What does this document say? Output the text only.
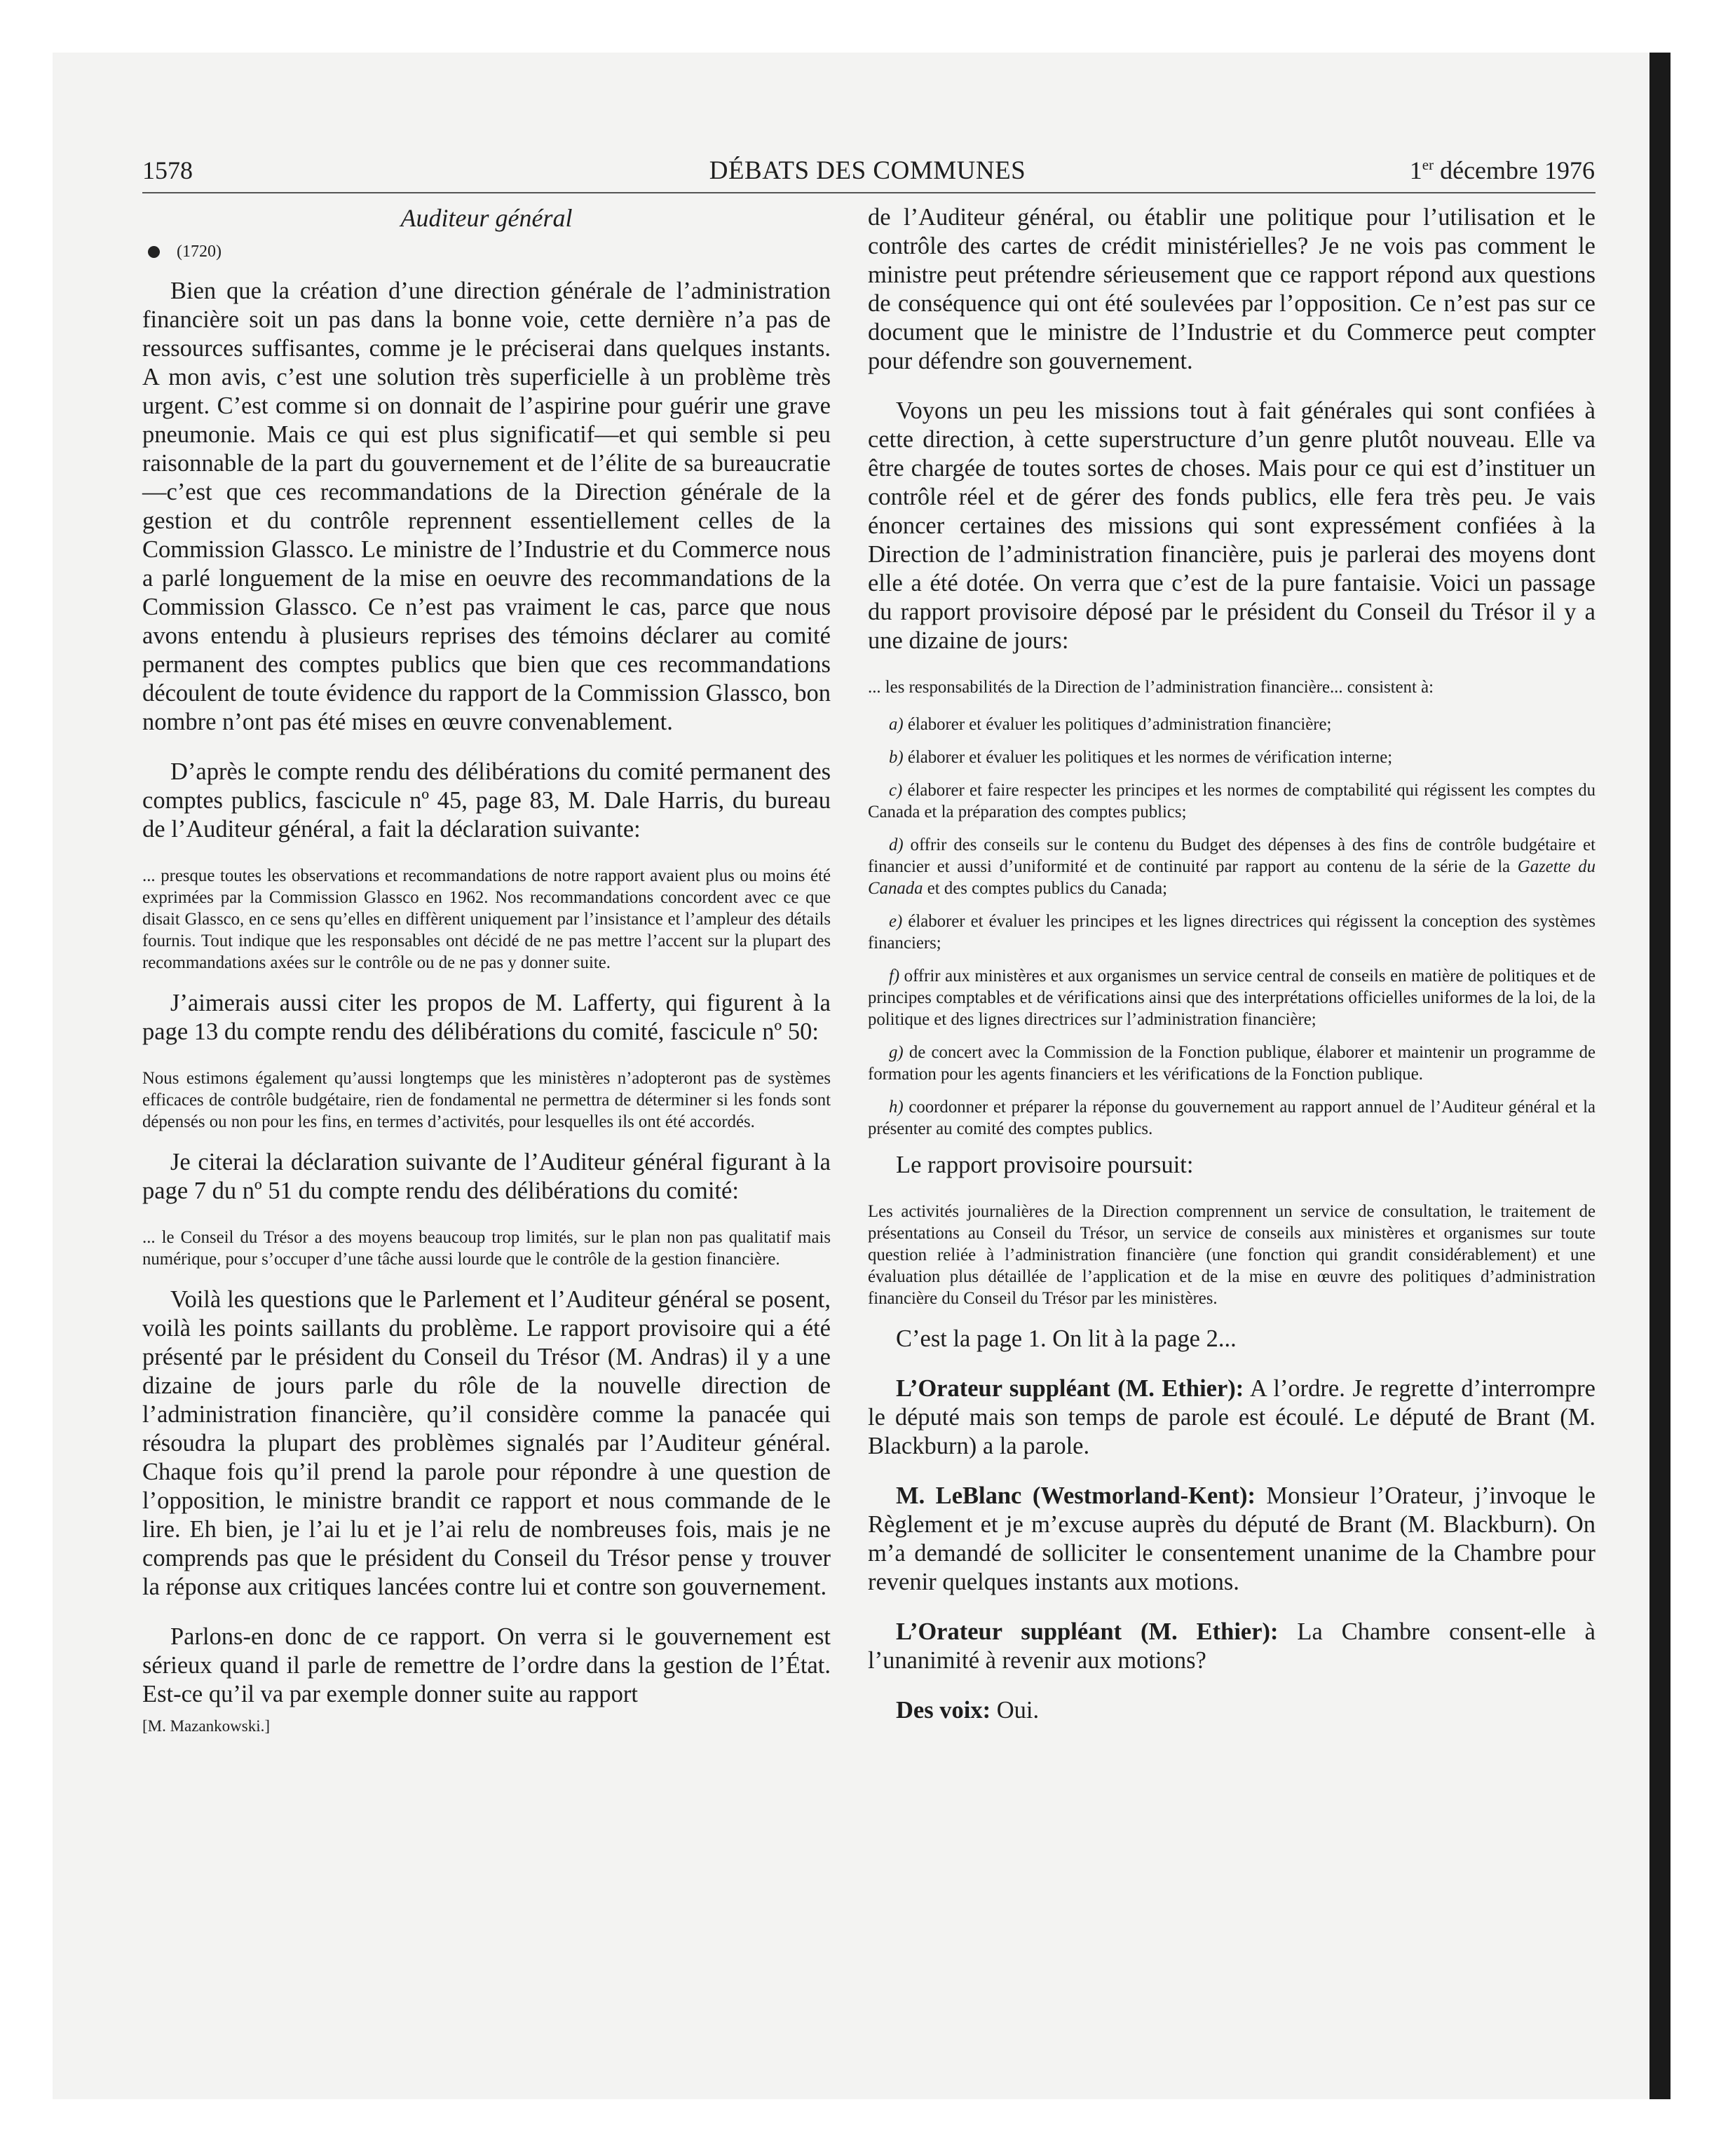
1578	DÉBATS DES COMMUNES	1er décembre 1976
Auditeur général
(1720)

Bien que la création d’une direction générale de l’administration financière soit un pas dans la bonne voie, cette dernière n’a pas de ressources suffisantes, comme je le préciserai dans quelques instants. A mon avis, c’est une solution très superficielle à un problème très urgent. C’est comme si on donnait de l’aspirine pour guérir une grave pneumonie. Mais ce qui est plus significatif—et qui semble si peu raisonnable de la part du gouvernement et de l’élite de sa bureaucratie—c’est que ces recommandations de la Direction générale de la gestion et du contrôle reprennent essentiellement celles de la Commission Glassco. Le ministre de l’Industrie et du Commerce nous a parlé longuement de la mise en oeuvre des recommandations de la Commission Glassco. Ce n’est pas vraiment le cas, parce que nous avons entendu à plusieurs reprises des témoins déclarer au comité permanent des comptes publics que bien que ces recommandations découlent de toute évidence du rapport de la Commission Glassco, bon nombre n’ont pas été mises en œuvre convenablement.

D’après le compte rendu des délibérations du comité permanent des comptes publics, fascicule nº 45, page 83, M. Dale Harris, du bureau de l’Auditeur général, a fait la déclaration suivante:

... presque toutes les observations et recommandations de notre rapport avaient plus ou moins été exprimées par la Commission Glassco en 1962. Nos recommandations concordent avec ce que disait Glassco, en ce sens qu’elles en diffèrent uniquement par l’insistance et l’ampleur des détails fournis. Tout indique que les responsables ont décidé de ne pas mettre l’accent sur la plupart des recommandations axées sur le contrôle ou de ne pas y donner suite.

J’aimerais aussi citer les propos de M. Lafferty, qui figurent à la page 13 du compte rendu des délibérations du comité, fascicule nº 50:

Nous estimons également qu’aussi longtemps que les ministères n’adopteront pas de systèmes efficaces de contrôle budgétaire, rien de fondamental ne permettra de déterminer si les fonds sont dépensés ou non pour les fins, en termes d’activités, pour lesquelles ils ont été accordés.

Je citerai la déclaration suivante de l’Auditeur général figurant à la page 7 du nº 51 du compte rendu des délibérations du comité:

... le Conseil du Trésor a des moyens beaucoup trop limités, sur le plan non pas qualitatif mais numérique, pour s’occuper d’une tâche aussi lourde que le contrôle de la gestion financière.

Voilà les questions que le Parlement et l’Auditeur général se posent, voilà les points saillants du problème. Le rapport provisoire qui a été présenté par le président du Conseil du Trésor (M. Andras) il y a une dizaine de jours parle du rôle de la nouvelle direction de l’administration financière, qu’il considère comme la panacée qui résoudra la plupart des problèmes signalés par l’Auditeur général. Chaque fois qu’il prend la parole pour répondre à une question de l’opposition, le ministre brandit ce rapport et nous commande de le lire. Eh bien, je l’ai lu et je l’ai relu de nombreuses fois, mais je ne comprends pas que le président du Conseil du Trésor pense y trouver la réponse aux critiques lancées contre lui et contre son gouvernement.

Parlons-en donc de ce rapport. On verra si le gouvernement est sérieux quand il parle de remettre de l’ordre dans la gestion de l’État. Est-ce qu’il va par exemple donner suite au rapport

[M. Mazankowski.]

de l’Auditeur général, ou établir une politique pour l’utilisation et le contrôle des cartes de crédit ministérielles? Je ne vois pas comment le ministre peut prétendre sérieusement que ce rapport répond aux questions de conséquence qui ont été soulevées par l’opposition. Ce n’est pas sur ce document que le ministre de l’Industrie et du Commerce peut compter pour défendre son gouvernement.

Voyons un peu les missions tout à fait générales qui sont confiées à cette direction, à cette superstructure d’un genre plutôt nouveau. Elle va être chargée de toutes sortes de choses. Mais pour ce qui est d’instituer un contrôle réel et de gérer des fonds publics, elle fera très peu. Je vais énoncer certaines des missions qui sont expressément confiées à la Direction de l’administration financière, puis je parlerai des moyens dont elle a été dotée. On verra que c’est de la pure fantaisie. Voici un passage du rapport provisoire déposé par le président du Conseil du Trésor il y a une dizaine de jours:

... les responsabilités de la Direction de l’administration financière... consistent à:

a) élaborer et évaluer les politiques d’administration financière;

b) élaborer et évaluer les politiques et les normes de vérification interne;

c) élaborer et faire respecter les principes et les normes de comptabilité qui régissent les comptes du Canada et la préparation des comptes publics;

d) offrir des conseils sur le contenu du Budget des dépenses à des fins de contrôle budgétaire et financier et aussi d’uniformité et de continuité par rapport au contenu de la série de la Gazette du Canada et des comptes publics du Canada;

e) élaborer et évaluer les principes et les lignes directrices qui régissent la conception des systèmes financiers;

f) offrir aux ministères et aux organismes un service central de conseils en matière de politiques et de principes comptables et de vérifications ainsi que des interprétations officielles uniformes de la loi, de la politique et des lignes directrices sur l’administration financière;

g) de concert avec la Commission de la Fonction publique, élaborer et maintenir un programme de formation pour les agents financiers et les vérifications de la Fonction publique.

h) coordonner et préparer la réponse du gouvernement au rapport annuel de l’Auditeur général et la présenter au comité des comptes publics.

Le rapport provisoire poursuit:

Les activités journalières de la Direction comprennent un service de consultation, le traitement de présentations au Conseil du Trésor, un service de conseils aux ministères et organismes sur toute question reliée à l’administration financière (une fonction qui grandit considérablement) et une évaluation plus détaillée de l’application et de la mise en œuvre des politiques d’administration financière du Conseil du Trésor par les ministères.

C’est la page 1. On lit à la page 2...

L’Orateur suppléant (M. Ethier): A l’ordre. Je regrette d’interrompre le député mais son temps de parole est écoulé. Le député de Brant (M. Blackburn) a la parole.

M. LeBlanc (Westmorland-Kent): Monsieur l’Orateur, j’invoque le Règlement et je m’excuse auprès du député de Brant (M. Blackburn). On m’a demandé de solliciter le consentement unanime de la Chambre pour revenir quelques instants aux motions.

L’Orateur suppléant (M. Ethier): La Chambre consent-elle à l’unanimité à revenir aux motions?

Des voix: Oui.
